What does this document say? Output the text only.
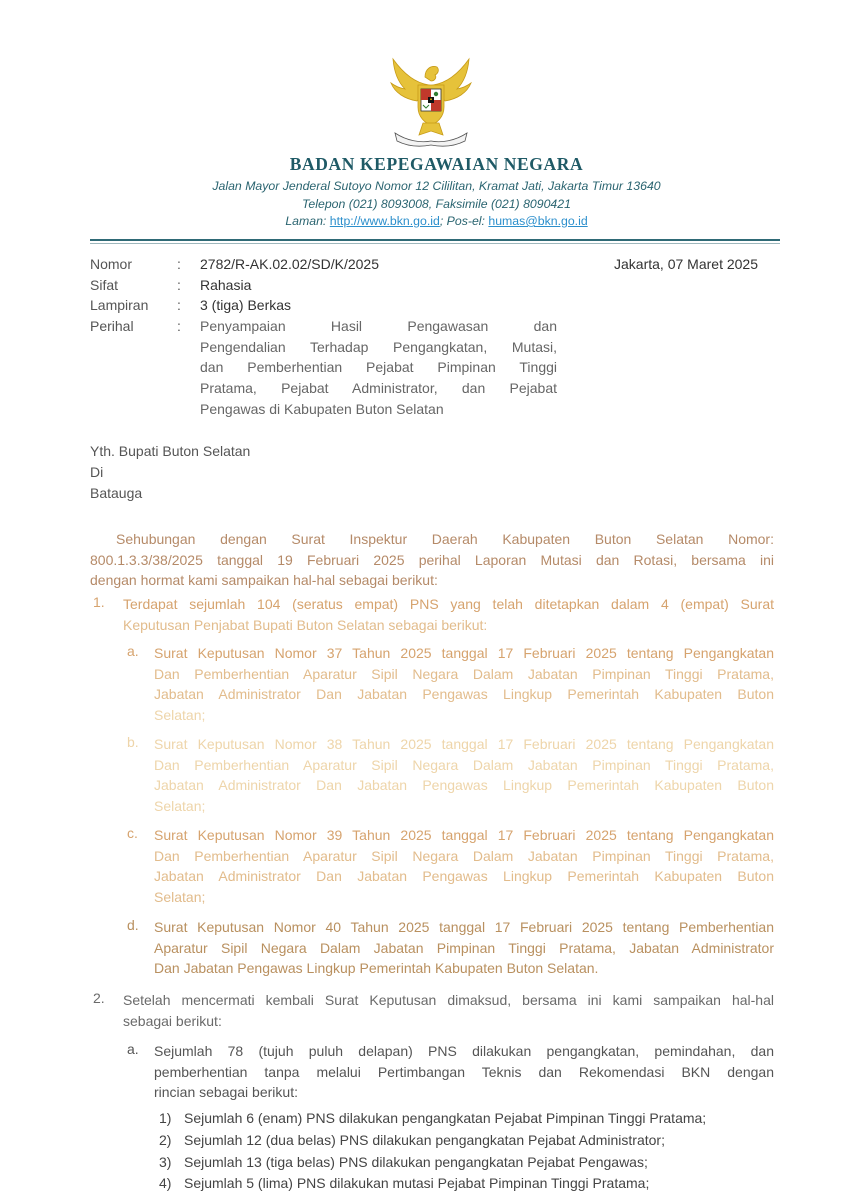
BADAN KEPEGAWAIAN NEGARA
Jalan Mayor Jenderal Sutoyo Nomor 12 Cililitan, Kramat Jati, Jakarta Timur 13640
Telepon (021) 8093008, Faksimile (021) 8090421
Laman: http://www.bkn.go.id; Pos-el: humas@bkn.go.id
Nomor	: 2782/R-AK.02.02/SD/K/2025
Sifat	: Rahasia
Lampiran : 3 (tiga) Berkas
Perihal	: Penyampaian Hasil Pengawasan dan
Pengendalian Terhadap Pengangkatan, Mutasi,
dan Pemberhentian Pejabat Pimpinan Tinggi
Pratama, Pejabat Administrator, dan Pejabat
Pengawas di Kabupaten Buton Selatan
Jakarta, 07 Maret 2025
Yth. Bupati Buton Selatan
Di
Batauga
Sehubungan dengan Surat Inspektur Daerah Kabupaten Buton Selatan Nomor:
800.1.3.3/38/2025 tanggal 19 Februari 2025 perihal Laporan Mutasi dan Rotasi, bersama ini
dengan hormat kami sampaikan hal-hal sebagai berikut:
1. Terdapat sejumlah 104 (seratus empat) PNS yang telah ditetapkan dalam 4 (empat) Surat
Keputusan Penjabat Bupati Buton Selatan sebagai berikut:
a. Surat Keputusan Nomor 37 Tahun 2025 tanggal 17 Februari 2025 tentang Pengangkatan
Dan Pemberhentian Aparatur Sipil Negara Dalam Jabatan Pimpinan Tinggi Pratama,
Jabatan Administrator Dan Jabatan Pengawas Lingkup Pemerintah Kabupaten Buton
Selatan;
b. Surat Keputusan Nomor 38 Tahun 2025 tanggal 17 Februari 2025 tentang Pengangkatan
Dan Pemberhentian Aparatur Sipil Negara Dalam Jabatan Pimpinan Tinggi Pratama,
Jabatan Administrator Dan Jabatan Pengawas Lingkup Pemerintah Kabupaten Buton
Selatan;
c. Surat Keputusan Nomor 39 Tahun 2025 tanggal 17 Februari 2025 tentang Pengangkatan
Dan Pemberhentian Aparatur Sipil Negara Dalam Jabatan Pimpinan Tinggi Pratama,
Jabatan Administrator Dan Jabatan Pengawas Lingkup Pemerintah Kabupaten Buton
Selatan;
d. Surat Keputusan Nomor 40 Tahun 2025 tanggal 17 Februari 2025 tentang Pemberhentian
Aparatur Sipil Negara Dalam Jabatan Pimpinan Tinggi Pratama, Jabatan Administrator
Dan Jabatan Pengawas Lingkup Pemerintah Kabupaten Buton Selatan.
2. Setelah mencermati kembali Surat Keputusan dimaksud, bersama ini kami sampaikan hal-hal
sebagai berikut:
a. Sejumlah 78 (tujuh puluh delapan) PNS dilakukan pengangkatan, pemindahan, dan
pemberhentian tanpa melalui Pertimbangan Teknis dan Rekomendasi BKN dengan
rincian sebagai berikut:
1) Sejumlah 6 (enam) PNS dilakukan pengangkatan Pejabat Pimpinan Tinggi Pratama;
2) Sejumlah 12 (dua belas) PNS dilakukan pengangkatan Pejabat Administrator;
3) Sejumlah 13 (tiga belas) PNS dilakukan pengangkatan Pejabat Pengawas;
4) Sejumlah 5 (lima) PNS dilakukan mutasi Pejabat Pimpinan Tinggi Pratama;
